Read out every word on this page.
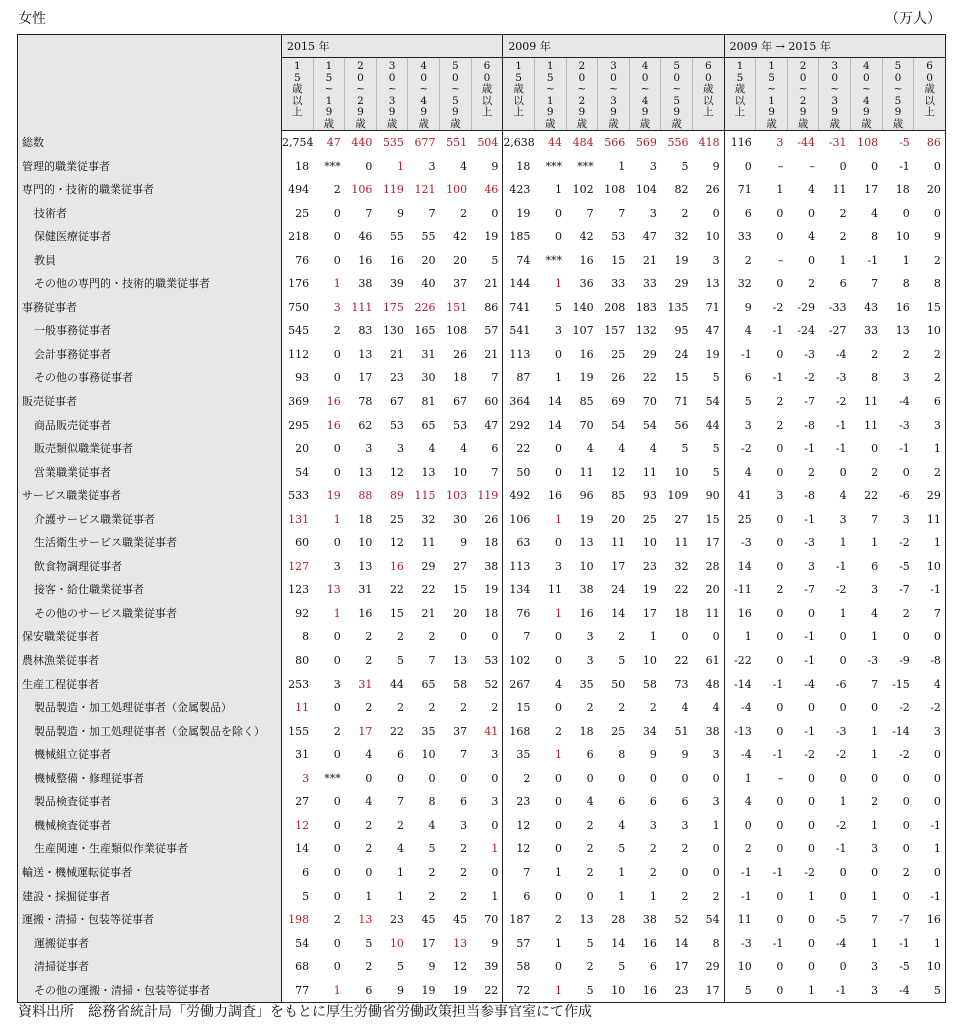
女性	（万人）
	2015 年							2009 年							2009 年 → 2015 年						
	15歳以上	15~19歳	20~29歳	30~39歳	40~49歳	50~59歳	60歳以上	15歳以上	15~19歳	20~29歳	30~39歳	40~49歳	50~59歳	60歳以上	15歳以上	15~19歳	20~29歳	30~39歳	40~49歳	50~59歳	60歳以上
総数	2,754	47	440	535	677	551	504	2,638	44	484	566	569	556	418	116	3	-44	-31	108	-5	86
管理的職業従事者	18	***	0	1	3	4	9	18	***	***	1	3	5	9	0	–	–	0	0	-1	0
専門的・技術的職業従事者	494	2	106	119	121	100	46	423	1	102	108	104	82	26	71	1	4	11	17	18	20
技術者	25	0	7	9	7	2	0	19	0	7	7	3	2	0	6	0	0	2	4	0	0
保健医療従事者	218	0	46	55	55	42	19	185	0	42	53	47	32	10	33	0	4	2	8	10	9
教員	76	0	16	16	20	20	5	74	***	16	15	21	19	3	2	–	0	1	-1	1	2
その他の専門的・技術的職業従事者	176	1	38	39	40	37	21	144	1	36	33	33	29	13	32	0	2	6	7	8	8
事務従事者	750	3	111	175	226	151	86	741	5	140	208	183	135	71	9	-2	-29	-33	43	16	15
一般事務従事者	545	2	83	130	165	108	57	541	3	107	157	132	95	47	4	-1	-24	-27	33	13	10
会計事務従事者	112	0	13	21	31	26	21	113	0	16	25	29	24	19	-1	0	-3	-4	2	2	2
その他の事務従事者	93	0	17	23	30	18	7	87	1	19	26	22	15	5	6	-1	-2	-3	8	3	2
販売従事者	369	16	78	67	81	67	60	364	14	85	69	70	71	54	5	2	-7	-2	11	-4	6
商品販売従事者	295	16	62	53	65	53	47	292	14	70	54	54	56	44	3	2	-8	-1	11	-3	3
販売類似職業従事者	20	0	3	3	4	4	6	22	0	4	4	4	5	5	-2	0	-1	-1	0	-1	1
営業職業従事者	54	0	13	12	13	10	7	50	0	11	12	11	10	5	4	0	2	0	2	0	2
サービス職業従事者	533	19	88	89	115	103	119	492	16	96	85	93	109	90	41	3	-8	4	22	-6	29
介護サービス職業従事者	131	1	18	25	32	30	26	106	1	19	20	25	27	15	25	0	-1	3	7	3	11
生活衛生サービス職業従事者	60	0	10	12	11	9	18	63	0	13	11	10	11	17	-3	0	-3	1	1	-2	1
飲食物調理従事者	127	3	13	16	29	27	38	113	3	10	17	23	32	28	14	0	3	-1	6	-5	10
接客・給仕職業従事者	123	13	31	22	22	15	19	134	11	38	24	19	22	20	-11	2	-7	-2	3	-7	-1
その他のサービス職業従事者	92	1	16	15	21	20	18	76	1	16	14	17	18	11	16	0	0	1	4	2	7
保安職業従事者	8	0	2	2	2	0	0	7	0	3	2	1	0	0	1	0	-1	0	1	0	0
農林漁業従事者	80	0	2	5	7	13	53	102	0	3	5	10	22	61	-22	0	-1	0	-3	-9	-8
生産工程従事者	253	3	31	44	65	58	52	267	4	35	50	58	73	48	-14	-1	-4	-6	7	-15	4
製品製造・加工処理従事者（金属製品）	11	0	2	2	2	2	2	15	0	2	2	2	4	4	-4	0	0	0	0	-2	-2
製品製造・加工処理従事者（金属製品を除く）	155	2	17	22	35	37	41	168	2	18	25	34	51	38	-13	0	-1	-3	1	-14	3
機械組立従事者	31	0	4	6	10	7	3	35	1	6	8	9	9	3	-4	-1	-2	-2	1	-2	0
機械整備・修理従事者	3	***	0	0	0	0	0	2	0	0	0	0	0	0	1	–	0	0	0	0	0
製品検査従事者	27	0	4	7	8	6	3	23	0	4	6	6	6	3	4	0	0	1	2	0	0
機械検査従事者	12	0	2	2	4	3	0	12	0	2	4	3	3	1	0	0	0	-2	1	0	-1
生産関連・生産類似作業従事者	14	0	2	4	5	2	1	12	0	2	5	2	2	0	2	0	0	-1	3	0	1
輸送・機械運転従事者	6	0	0	1	2	2	0	7	1	2	1	2	0	0	-1	-1	-2	0	0	2	0
建設・採掘従事者	5	0	1	1	2	2	1	6	0	0	1	1	2	2	-1	0	1	0	1	0	-1
運搬・清掃・包装等従事者	198	2	13	23	45	45	70	187	2	13	28	38	52	54	11	0	0	-5	7	-7	16
運搬従事者	54	0	5	10	17	13	9	57	1	5	14	16	14	8	-3	-1	0	-4	1	-1	1
清掃従事者	68	0	2	5	9	12	39	58	0	2	5	6	17	29	10	0	0	0	3	-5	10
その他の運搬・清掃・包装等従事者	77	1	6	9	19	19	22	72	1	5	10	16	23	17	5	0	1	-1	3	-4	5
資料出所　総務省統計局「労働力調査」をもとに厚生労働省労働政策担当参事官室にて作成
